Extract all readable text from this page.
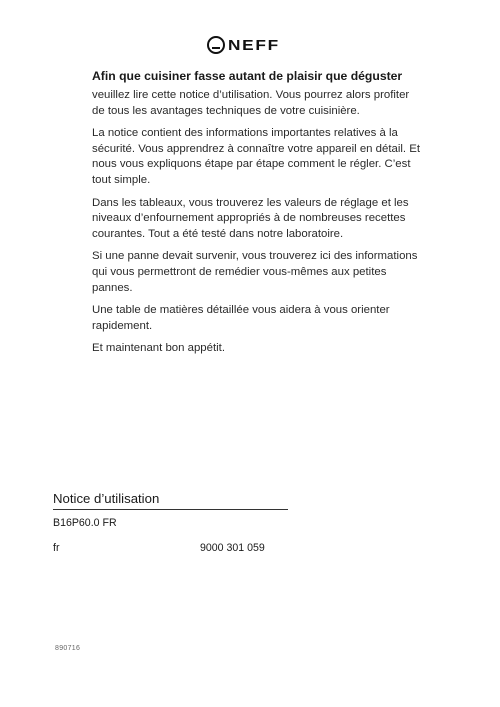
NEFF
Afin que cuisiner fasse autant de plaisir que déguster

veuillez lire cette notice d’utilisation. Vous pourrez alors profiter de tous les avantages techniques de votre cuisinière.

La notice contient des informations importantes relatives à la sécurité. Vous apprendrez à connaître votre appareil en détail. Et nous vous expliquons étape par étape comment le régler. C’est tout simple.

Dans les tableaux, vous trouverez les valeurs de réglage et les niveaux d’enfournement appropriés à de nombreuses recettes courantes. Tout a été testé dans notre laboratoire.

Si une panne devait survenir, vous trouverez ici des informations qui vous permettront de remédier vous-mêmes aux petites pannes.

Une table de matières détaillée vous aidera à vous orienter rapidement.

Et maintenant bon appétit.

Notice d’utilisation
B16P60.0 FR
fr	9000 301 059
890716
